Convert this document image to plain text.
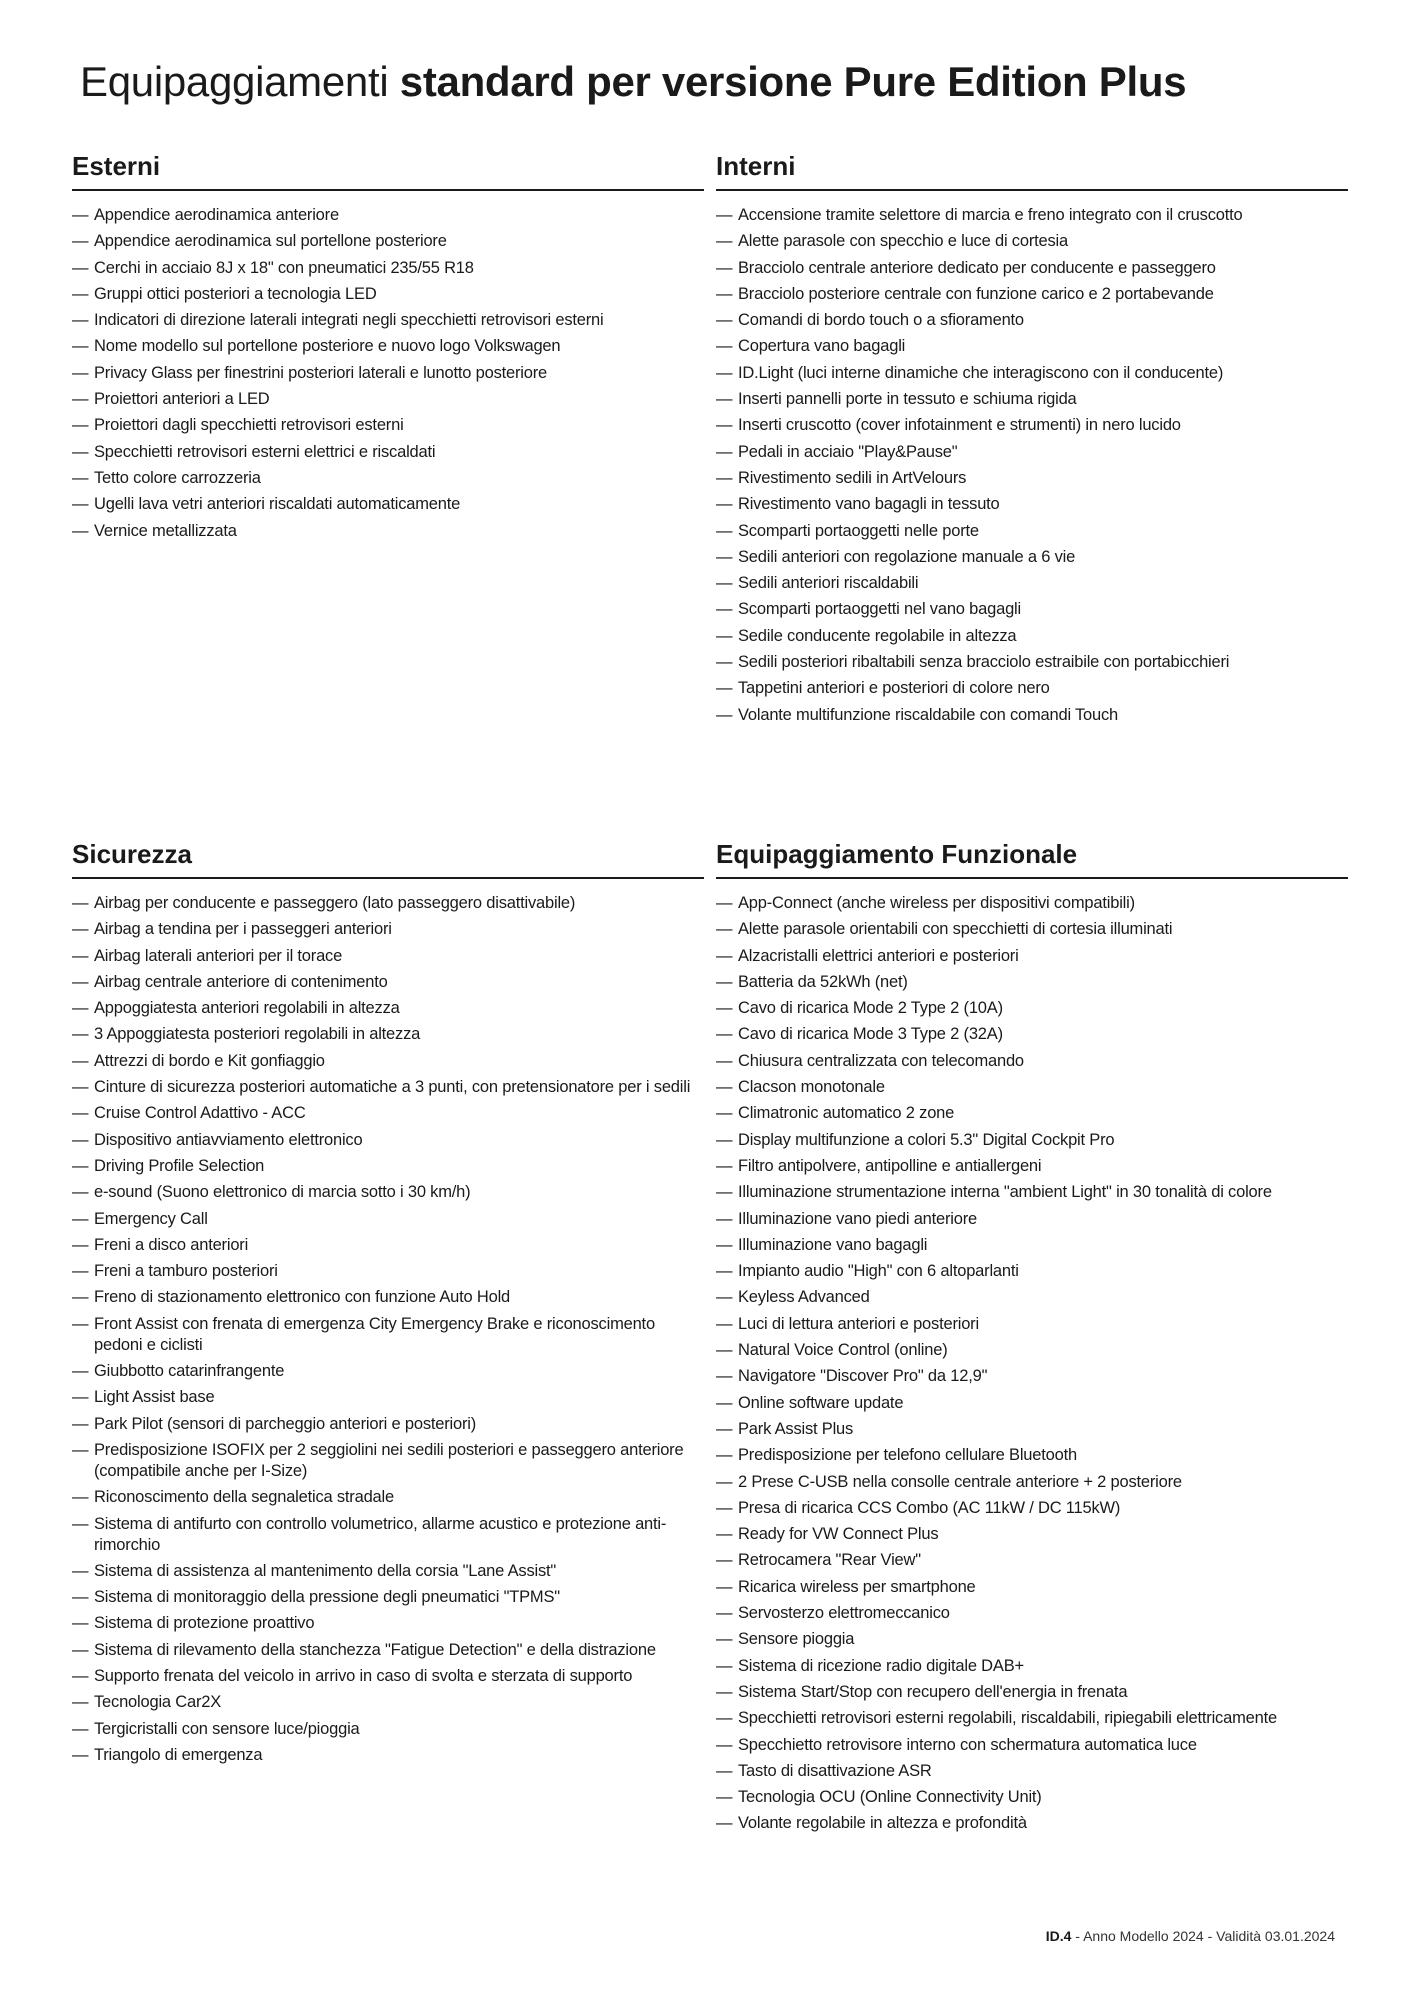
Equipaggiamenti standard per versione Pure Edition Plus
Esterni
— Appendice aerodinamica anteriore
— Appendice aerodinamica sul portellone posteriore
— Cerchi in acciaio 8J x 18" con pneumatici 235/55 R18
— Gruppi ottici posteriori a tecnologia LED
— Indicatori di direzione laterali integrati negli specchietti retrovisori esterni
— Nome modello sul portellone posteriore e nuovo logo Volkswagen
— Privacy Glass per finestrini posteriori laterali e lunotto posteriore
— Proiettori anteriori a LED
— Proiettori dagli specchietti retrovisori esterni
— Specchietti retrovisori esterni elettrici e riscaldati
— Tetto colore carrozzeria
— Ugelli lava vetri anteriori riscaldati automaticamente
— Vernice metallizzata
Interni
— Accensione tramite selettore di marcia e freno integrato con il cruscotto
— Alette parasole con specchio e luce di cortesia
— Bracciolo centrale anteriore dedicato per conducente e passeggero
— Bracciolo posteriore centrale con funzione carico e 2 portabevande
— Comandi di bordo touch o a sfioramento
— Copertura vano bagagli
— ID.Light (luci interne dinamiche che interagiscono con il conducente)
— Inserti pannelli porte in tessuto e schiuma rigida
— Inserti cruscotto (cover infotainment e strumenti) in nero lucido
— Pedali in acciaio "Play&Pause"
— Rivestimento sedili in ArtVelours
— Rivestimento vano bagagli in tessuto
— Scomparti portaoggetti nelle porte
— Sedili anteriori con regolazione manuale a 6 vie
— Sedili anteriori riscaldabili
— Scomparti portaoggetti nel vano bagagli
— Sedile conducente regolabile in altezza
— Sedili posteriori ribaltabili senza bracciolo estraibile con portabicchieri
— Tappetini anteriori e posteriori di colore nero
— Volante multifunzione riscaldabile con comandi Touch
Sicurezza
— Airbag per conducente e passeggero (lato passeggero disattivabile)
— Airbag a tendina per i passeggeri anteriori
— Airbag laterali anteriori per il torace
— Airbag centrale anteriore di contenimento
— Appoggiatesta anteriori regolabili in altezza
— 3 Appoggiatesta posteriori regolabili in altezza
— Attrezzi di bordo e Kit gonfiaggio
— Cinture di sicurezza posteriori automatiche a 3 punti, con pretensionatore per i sedili
— Cruise Control Adattivo - ACC
— Dispositivo antiavviamento elettronico
— Driving Profile Selection
— e-sound (Suono elettronico di marcia sotto i 30 km/h)
— Emergency Call
— Freni a disco anteriori
— Freni a tamburo posteriori
— Freno di stazionamento elettronico con funzione Auto Hold
— Front Assist con frenata di emergenza City Emergency Brake e riconoscimento pedoni e ciclisti
— Giubbotto catarinfrangente
— Light Assist base
— Park Pilot (sensori di parcheggio anteriori e posteriori)
— Predisposizione ISOFIX per 2 seggiolini nei sedili posteriori e passeggero anteriore (compatibile anche per I-Size)
— Riconoscimento della segnaletica stradale
— Sistema di antifurto con controllo volumetrico, allarme acustico e protezione anti-rimorchio
— Sistema di assistenza al mantenimento della corsia "Lane Assist"
— Sistema di monitoraggio della pressione degli pneumatici "TPMS"
— Sistema di protezione proattivo
— Sistema di rilevamento della stanchezza "Fatigue Detection" e della distrazione
— Supporto frenata del veicolo in arrivo in caso di svolta e sterzata di supporto
— Tecnologia Car2X
— Tergicristalli con sensore luce/pioggia
— Triangolo di emergenza
Equipaggiamento Funzionale
— App-Connect (anche wireless per dispositivi compatibili)
— Alette parasole orientabili con specchietti di cortesia illuminati
— Alzacristalli elettrici anteriori e posteriori
— Batteria da 52kWh (net)
— Cavo di ricarica Mode 2 Type 2 (10A)
— Cavo di ricarica Mode 3 Type 2 (32A)
— Chiusura centralizzata con telecomando
— Clacson monotonale
— Climatronic automatico 2 zone
— Display multifunzione a colori 5.3" Digital Cockpit Pro
— Filtro antipolvere, antipolline e antiallergeni
— Illuminazione strumentazione interna "ambient Light" in 30 tonalità di colore
— Illuminazione vano piedi anteriore
— Illuminazione vano bagagli
— Impianto audio "High" con 6 altoparlanti
— Keyless Advanced
— Luci di lettura anteriori e posteriori
— Natural Voice Control (online)
— Navigatore "Discover Pro" da 12,9"
— Online software update
— Park Assist Plus
— Predisposizione per telefono cellulare Bluetooth
— 2 Prese C-USB nella consolle centrale anteriore + 2 posteriore
— Presa di ricarica CCS Combo (AC 11kW / DC 115kW)
— Ready for VW Connect Plus
— Retrocamera "Rear View"
— Ricarica wireless per smartphone
— Servosterzo elettromeccanico
— Sensore pioggia
— Sistema di ricezione radio digitale DAB+
— Sistema Start/Stop con recupero dell'energia in frenata
— Specchietti retrovisori esterni regolabili, riscaldabili, ripiegabili elettricamente
— Specchietto retrovisore interno con schermatura automatica luce
— Tasto di disattivazione ASR
— Tecnologia OCU (Online Connectivity Unit)
— Volante regolabile in altezza e profondità
ID.4 - Anno Modello 2024 - Validità 03.01.2024
